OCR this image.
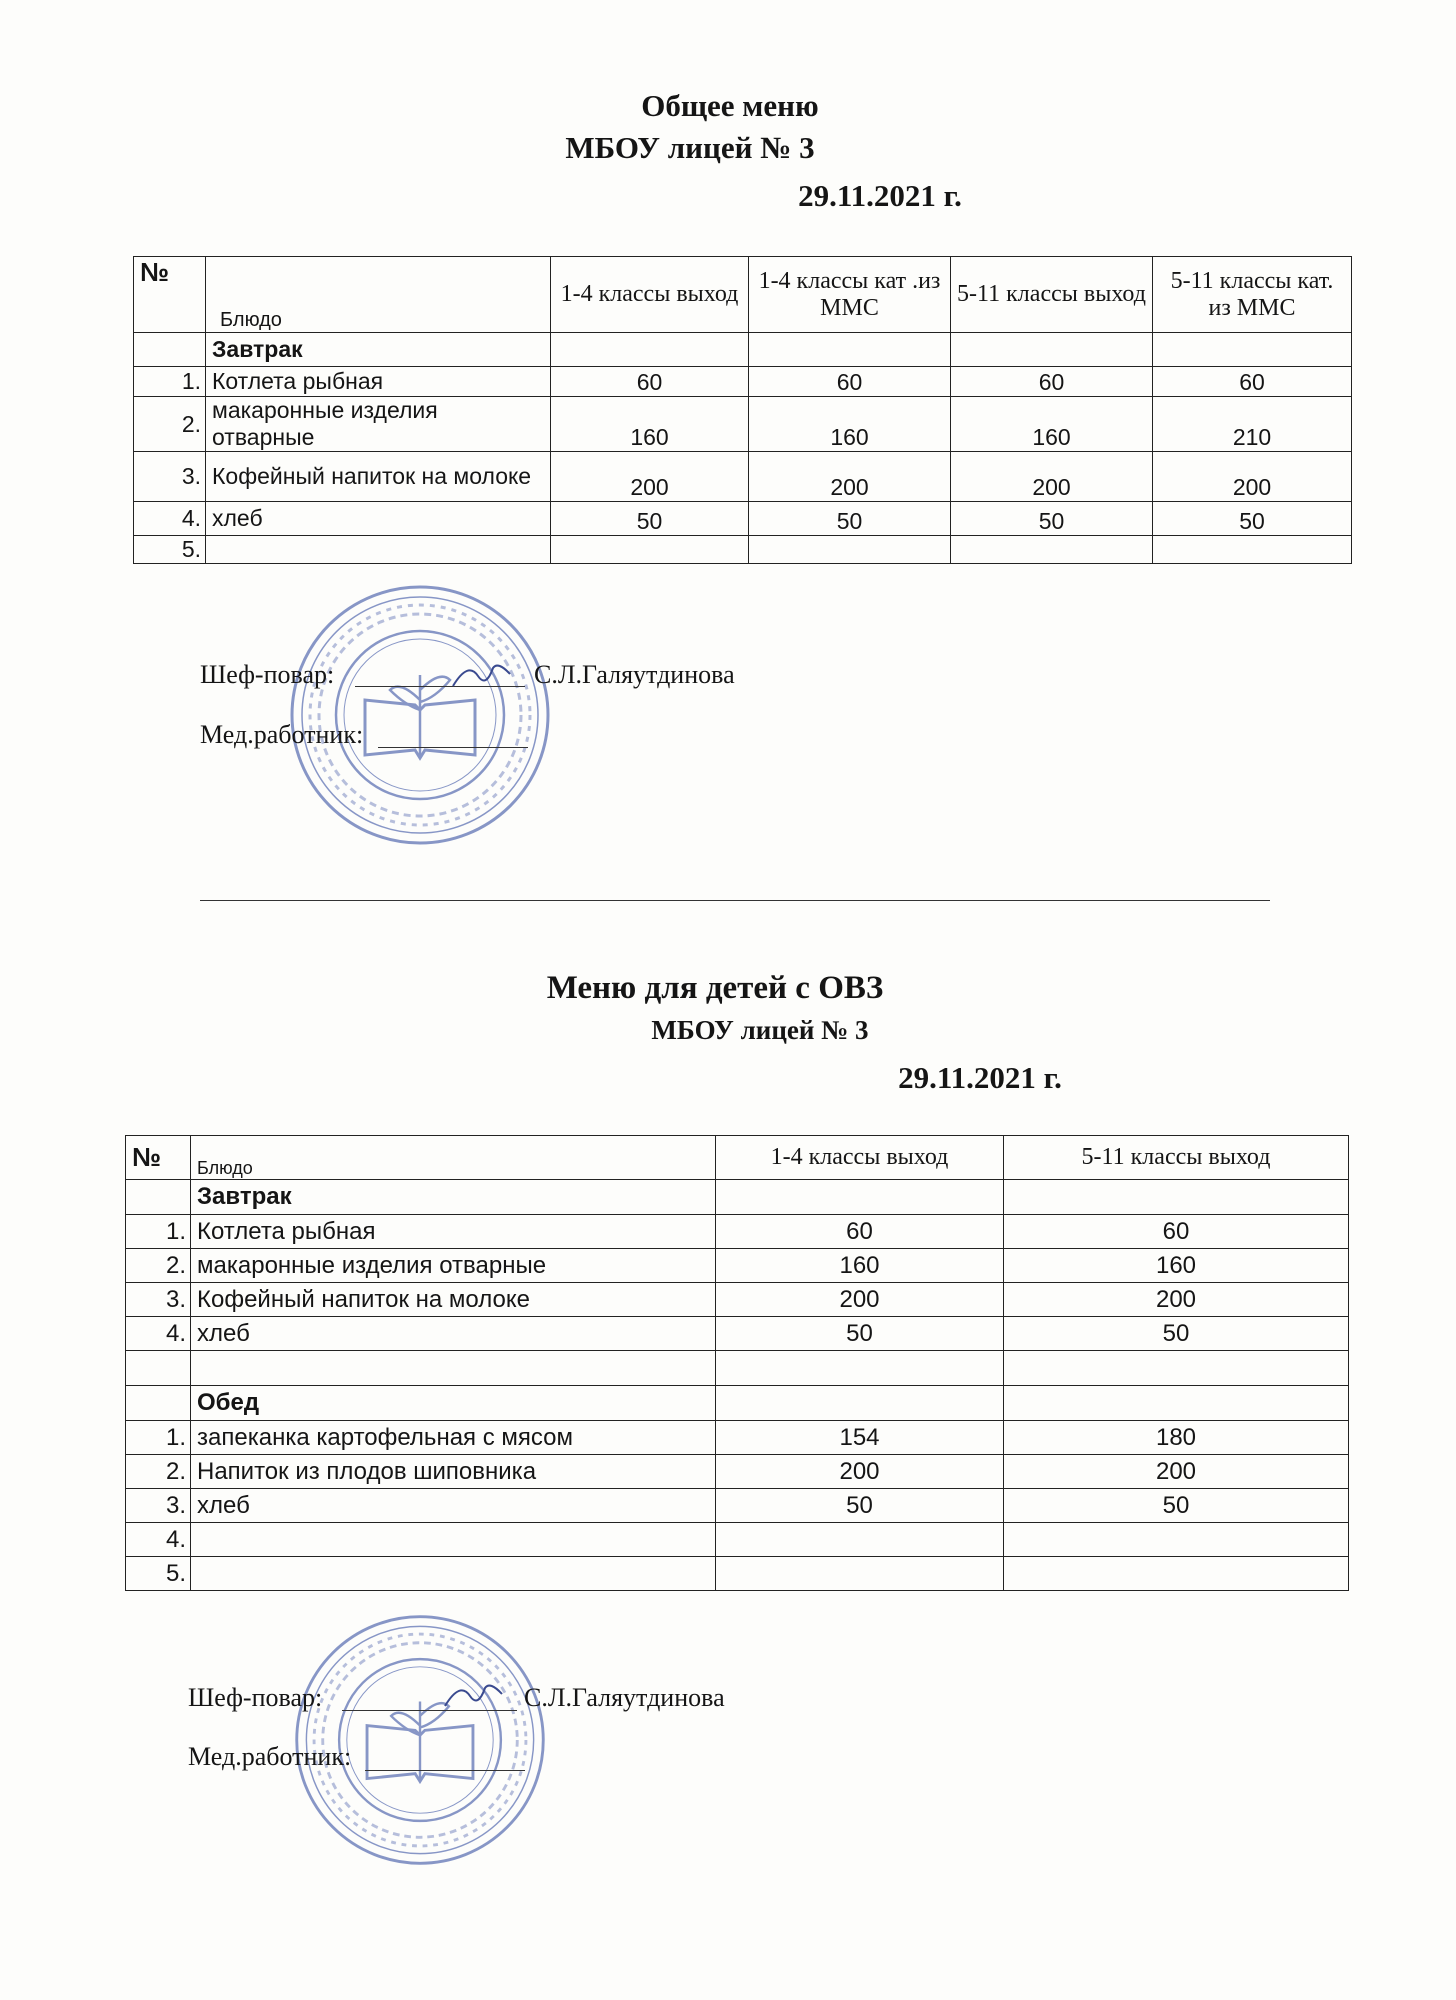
Общее меню
МБОУ лицей № 3
29.11.2021 г.
№	Блюдо	1-4 классы выход	1-4 классы кат .из ММС	5-11 классы выход	5-11 классы кат. из ММС
	Завтрак				
1.	Котлета рыбная	60	60	60	60
2.	макаронные изделия отварные	160	160	160	210
3.	Кофейный напиток на молоке	200	200	200	200
4.	хлеб	50	50	50	50
5.					
Шеф-повар:	С.Л.Галяутдинова
Мед.работник:
Меню для детей с ОВЗ
МБОУ лицей № 3
29.11.2021 г.
№	Блюдо	1-4 классы выход	5-11 классы выход
	Завтрак		
1.	Котлета рыбная	60	60
2.	макаронные изделия отварные	160	160
3.	Кофейный напиток на молоке	200	200
4.	хлеб	50	50

	Обед		
1.	запеканка картофельная с мясом	154	180
2.	Напиток из плодов шиповника	200	200
3.	хлеб	50	50
4.			
5.			
Шеф-повар:	С.Л.Галяутдинова
Мед.работник:
